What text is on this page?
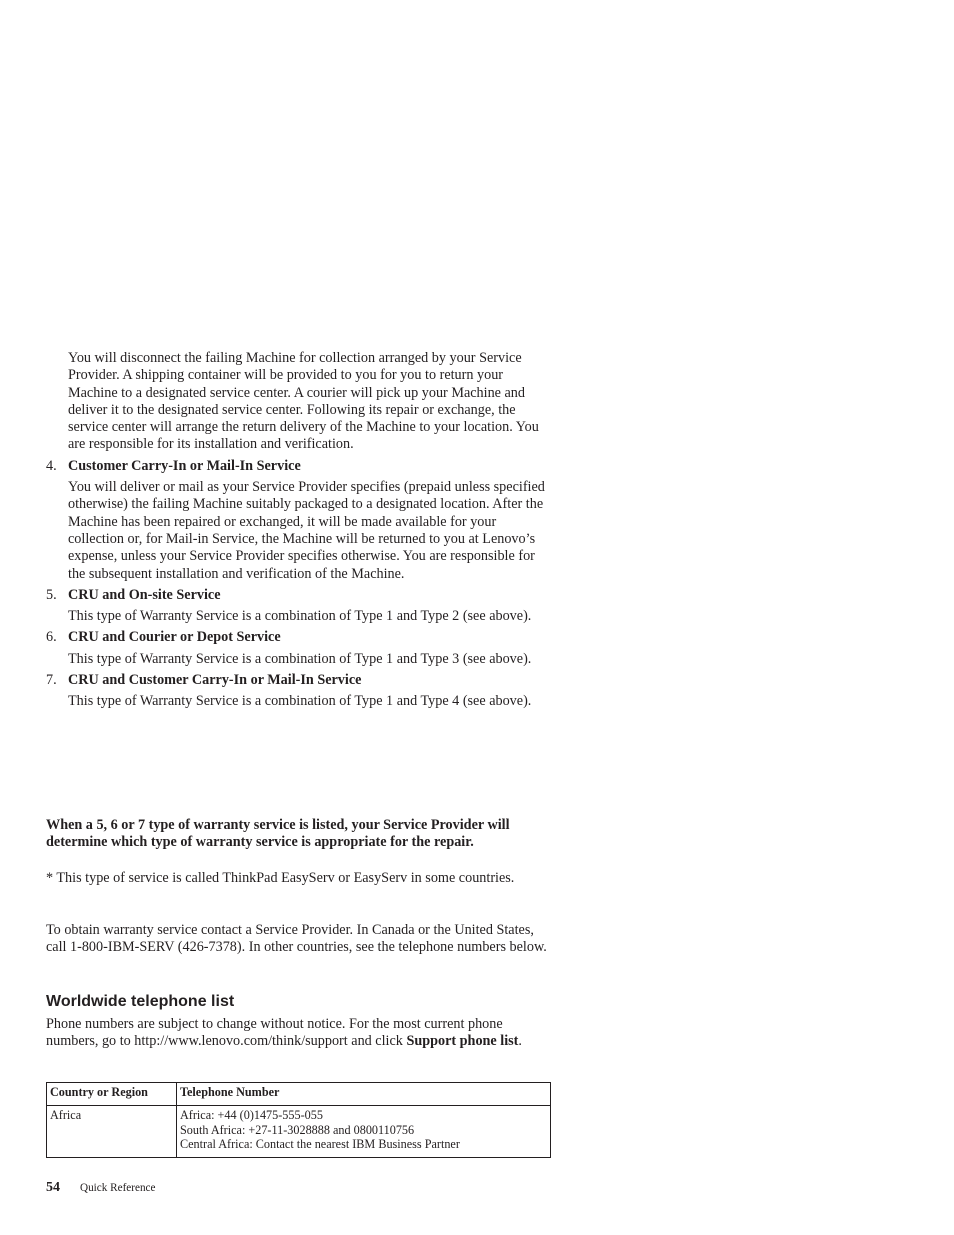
You will disconnect the failing Machine for collection arranged by your Service Provider. A shipping container will be provided to you for you to return your Machine to a designated service center. A courier will pick up your Machine and deliver it to the designated service center. Following its repair or exchange, the service center will arrange the return delivery of the Machine to your location. You are responsible for its installation and verification.

4. Customer Carry-In or Mail-In Service

You will deliver or mail as your Service Provider specifies (prepaid unless specified otherwise) the failing Machine suitably packaged to a designated location. After the Machine has been repaired or exchanged, it will be made available for your collection or, for Mail-in Service, the Machine will be returned to you at Lenovo’s expense, unless your Service Provider specifies otherwise. You are responsible for the subsequent installation and verification of the Machine.

5. CRU and On-site Service

This type of Warranty Service is a combination of Type 1 and Type 2 (see above).

6. CRU and Courier or Depot Service

This type of Warranty Service is a combination of Type 1 and Type 3 (see above).

7. CRU and Customer Carry-In or Mail-In Service

This type of Warranty Service is a combination of Type 1 and Type 4 (see above).

When a 5, 6 or 7 type of warranty service is listed, your Service Provider will determine which type of warranty service is appropriate for the repair.

* This type of service is called ThinkPad EasyServ or EasyServ in some countries.

To obtain warranty service contact a Service Provider. In Canada or the United States, call 1-800-IBM-SERV (426-7378). In other countries, see the telephone numbers below.

Worldwide telephone list

Phone numbers are subject to change without notice. For the most current phone numbers, go to http://www.lenovo.com/think/support and click Support phone list.

Country or Region	Telephone Number
Africa	Africa: +44 (0)1475-555-055
South Africa: +27-11-3028888 and 0800110756
Central Africa: Contact the nearest IBM Business Partner
54 Quick Reference
